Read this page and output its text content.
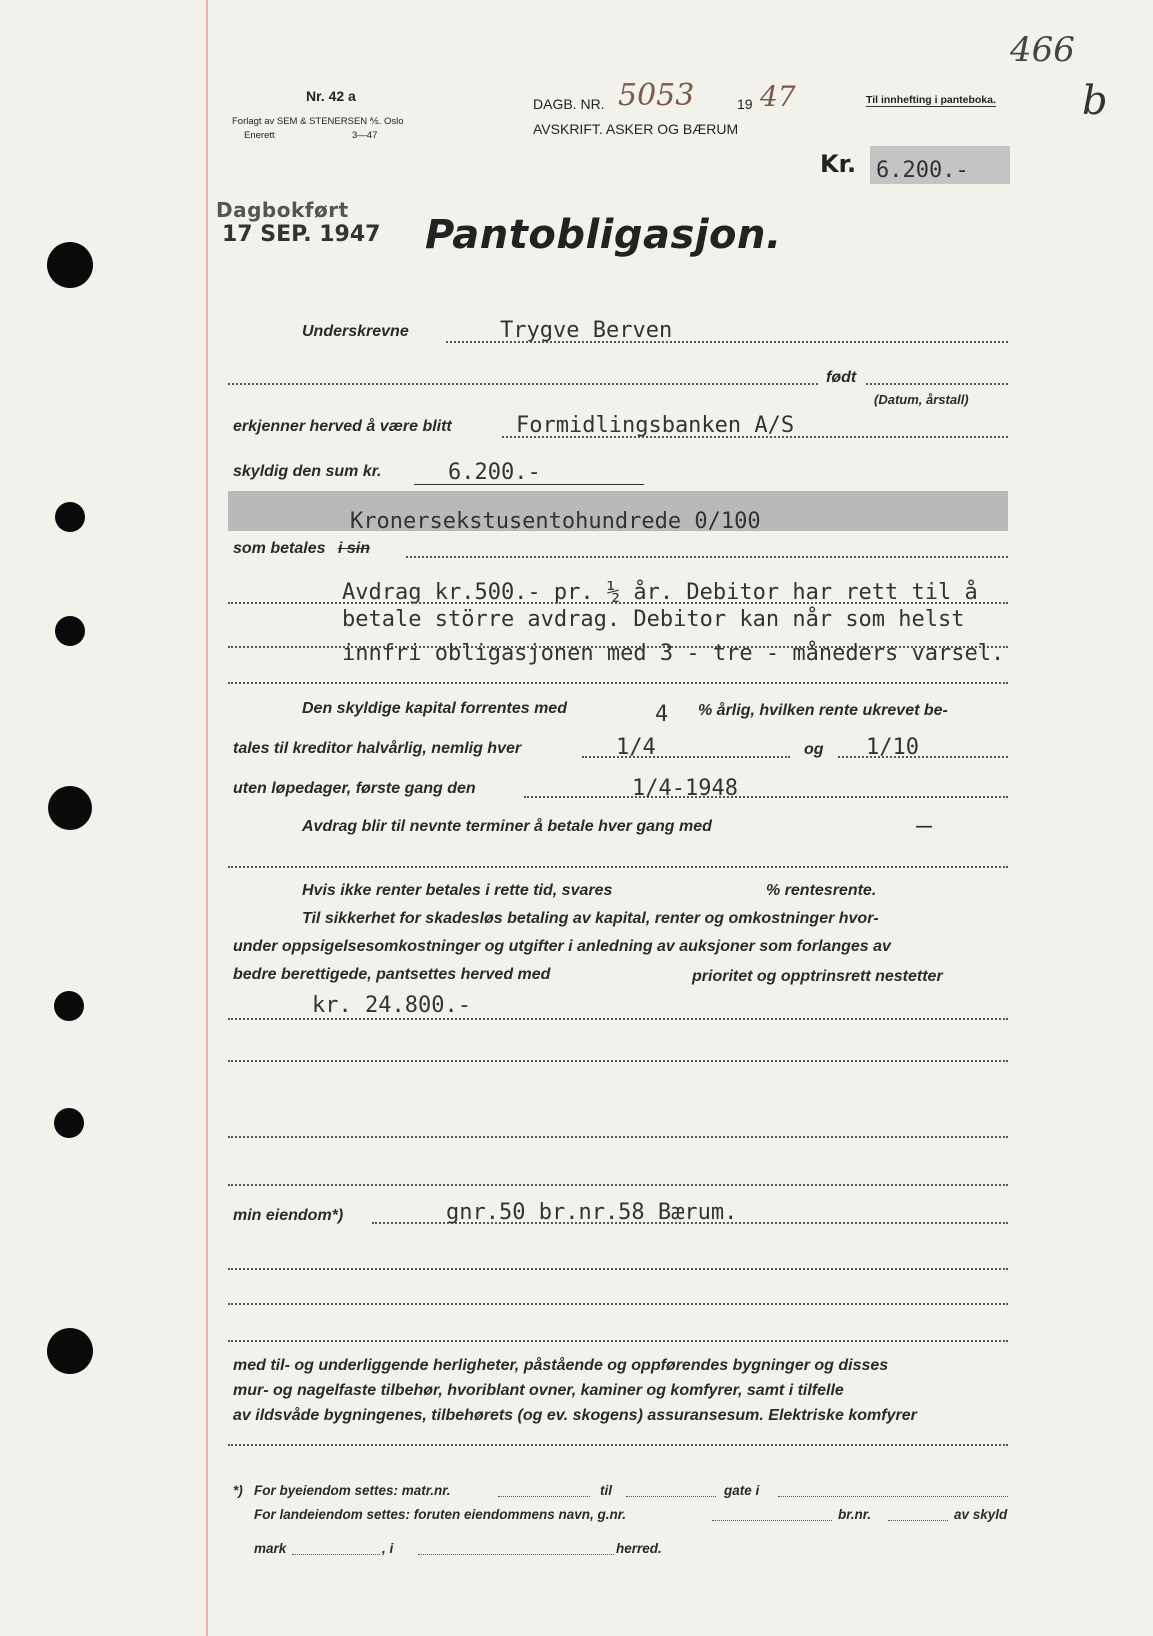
Nr. 42 a
Forlagt av SEM & STENERSEN ⅍. Oslo
Enerett	3—47
DAGB. NR. 5053	19 47
AVSKRIFT. ASKER OG BÆRUM
Til innhefting i panteboka.
466
b
Kr. 6.200.-
Dagbokført
17 SEP. 1947 Pantobligasjon.
Underskrevne	Trygve Berven
født
(Datum, årstall)
erkjenner herved å være blitt	Formidlingsbanken A/S
skyldig den sum kr.	6.200.-
Kronersekstusentohundrede 0/100
som betales i sin
Avdrag kr.500.- pr. ½ år. Debitor har rett til å
betale större avdrag. Debitor kan når som helst
innfri obligasjonen med 3 - tre - måneders varsel.
Den skyldige kapital forrentes med	4 % årlig, hvilken rente ukrevet be-
tales til kreditor halvårlig, nemlig hver	1/4	og 1/10
uten løpedager, første gang den	1/4-1948
Avdrag blir til nevnte terminer å betale hver gang med	—
Hvis ikke renter betales i rette tid, svares	% rentesrente.
Til sikkerhet for skadesløs betaling av kapital, renter og omkostninger hvor-
under oppsigelsesomkostninger og utgifter i anledning av auksjoner som forlanges av
bedre berettigede, pantsettes herved med	prioritet og opptrinsrett nestetter
kr. 24.800.-
min eiendom*)	gnr.50 br.nr.58 Bærum.
med til- og underliggende herligheter, påstående og oppførendes bygninger og disses
mur- og nagelfaste tilbehør, hvoriblant ovner, kaminer og komfyrer, samt i tilfelle
av ildsvåde bygningenes, tilbehørets (og ev. skogens) assuransesum. Elektriske komfyrer
*) For byeiendom settes: matr.nr.	til	gate i
For landeiendom settes: foruten eiendommens navn, g.nr.	br.nr.	av skyld
mark	, i	herred.
